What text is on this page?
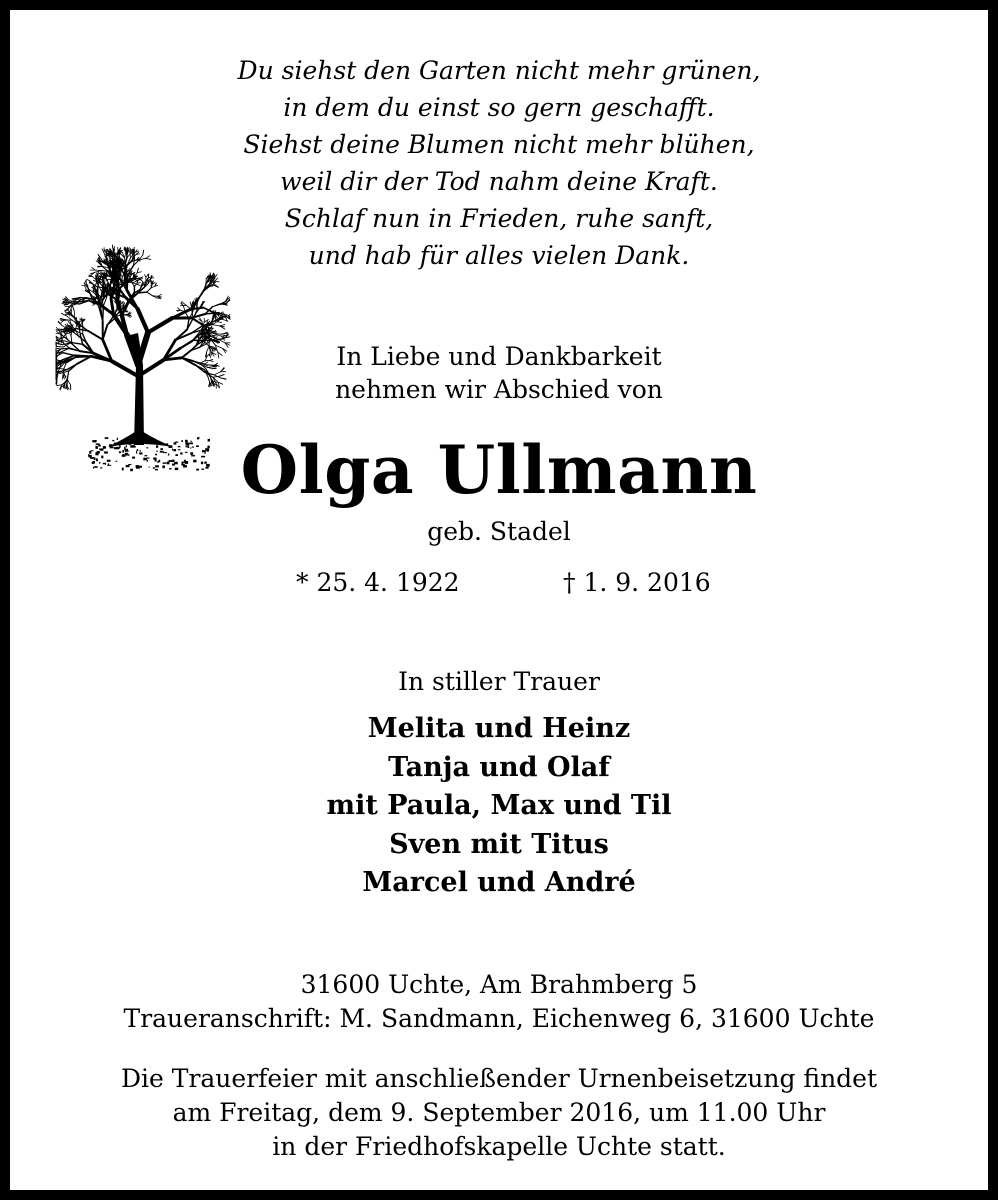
Du siehst den Garten nicht mehr grünen,
in dem du einst so gern geschafft.
Siehst deine Blumen nicht mehr blühen,
weil dir der Tod nahm deine Kraft.
Schlaf nun in Frieden, ruhe sanft,
und hab für alles vielen Dank.
In Liebe und Dankbarkeit
nehmen wir Abschied von
Olga Ullmann
geb. Stadel
* 25. 4. 1922	† 1. 9. 2016
In stiller Trauer
Melita und Heinz
Tanja und Olaf
mit Paula, Max und Til
Sven mit Titus
Marcel und André
31600 Uchte, Am Brahmberg 5
Traueranschrift: M. Sandmann, Eichenweg 6, 31600 Uchte
Die Trauerfeier mit anschließender Urnenbeisetzung findet
am Freitag, dem 9. September 2016, um 11.00 Uhr
in der Friedhofskapelle Uchte statt.
